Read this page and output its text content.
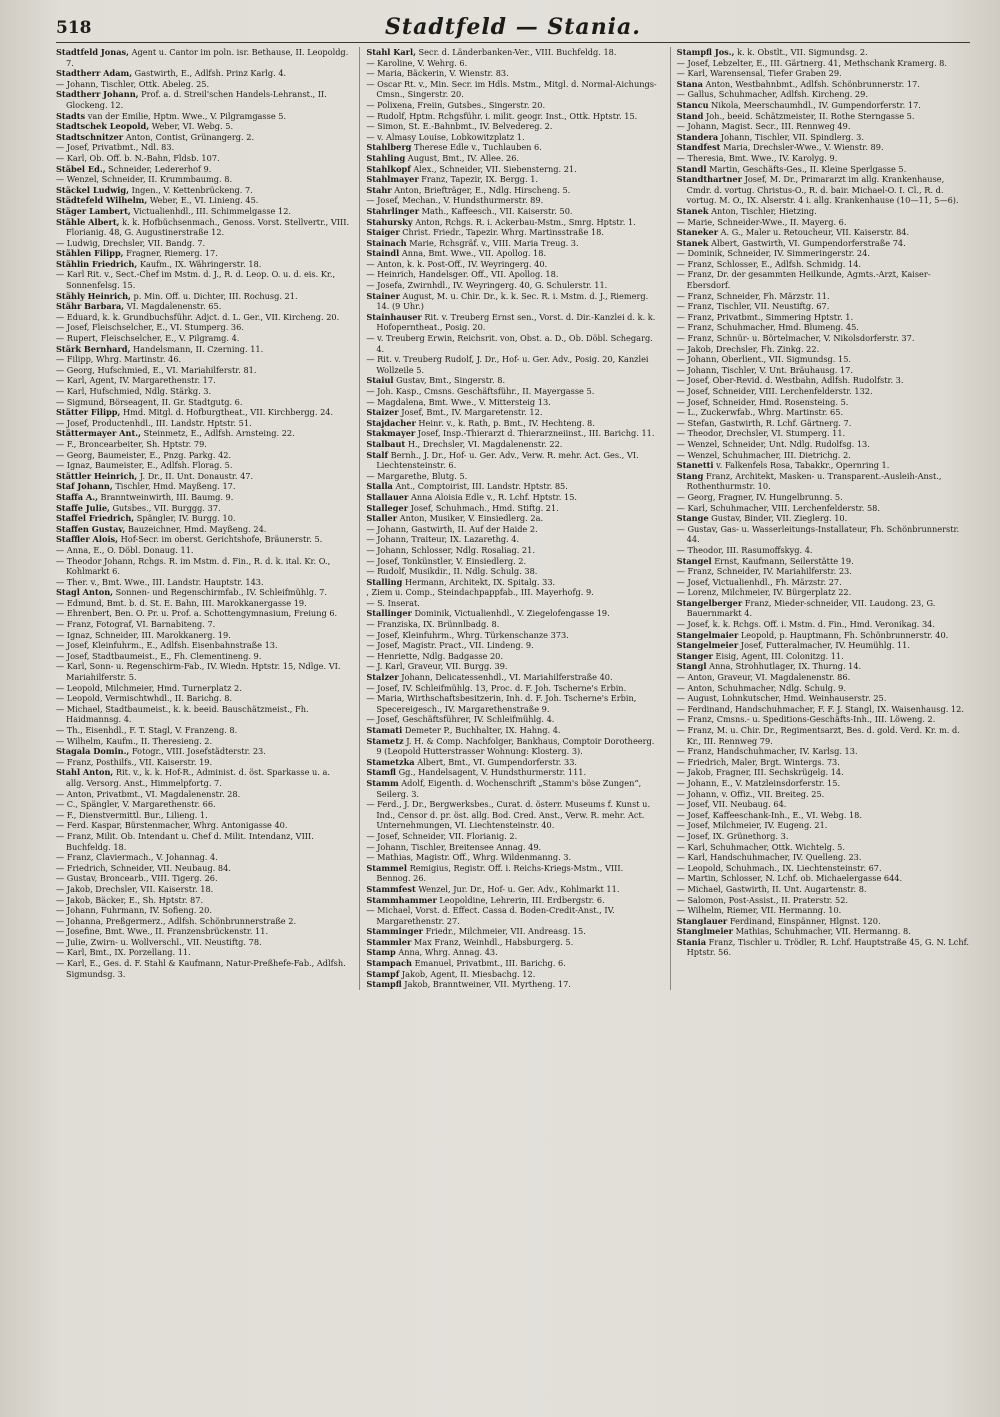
518	Stadtfeld — Stania.

Stadtfeld Jonas, Agent u. Cantor im poln. isr. Bethause, II. Leopoldg. 7.

Stadtherr Adam, Gastwirth, E., Adlfsh. Prinz Karlg. 4.

— Johann, Tischler, Ottk. Abeleg. 25.

Stadtherr Johann, Prof. a. d. Streil'schen Handels-Lehranst., II. Glockeng. 12.

Stadts van der Emilie, Hptm. Wwe., V. Pilgramgasse 5.

Stadtschek Leopold, Weber, VI. Webg. 5.

Stadtschnitzer Anton, Contist, Grünangerg. 2.

— Josef, Privatbmt., Ndl. 83.

— Karl, Ob. Off. b. N.-Bahn, Fldsb. 107.

Stäbel Ed., Schneider, Ledererhof 9.

— Wenzel, Schneider, II. Krummbaumg. 8.

Stäckel Ludwig, Ingen., V. Kettenbrückeng. 7.

Städtefeld Wilhelm, Weber, E., VI. Linieng. 45.

Stäger Lambert, Victualienhdl., III. Schimmelgasse 12.

Stähle Albert, k. k. Hofbüchsenmach., Genoss. Vorst. Stellvertr., VIII. Florianig. 48, G. Augustinerstraße 12.

— Ludwig, Drechsler, VII. Bandg. 7.

Stählen Filipp, Fragner, Riemerg. 17.

Stählin Friedrich, Kaufm., IX. Währingerstr. 18.

— Karl Rit. v., Sect.-Chef im Mstm. d. J., R. d. Leop. O. u. d. eis. Kr., Sonnenfelsg. 15.

Stähly Heinrich, p. Min. Off. u. Dichter, III. Rochusg. 21.

Stähr Barbara, VI. Magdalenenstr. 65.

— Eduard, k. k. Grundbuchsführ. Adjct. d. L. Ger., VII. Kircheng. 20.

— Josef, Fleischselcher, E., VI. Stumperg. 36.

— Rupert, Fleischselcher, E., V. Pilgramg. 4.

Stärk Bernhard, Handelsmann, II. Czerning. 11.

— Filipp, Whrg. Martinstr. 46.

— Georg, Hufschmied, E., VI. Mariahilferstr. 81.

— Karl, Agent, IV. Margarethenstr. 17.

— Karl, Hufschmied, Ndlg. Stärkg. 3.

— Sigmund, Börseagent, II. Gr. Stadtgutg. 6.

Stätter Filipp, Hmd. Mitgl. d. Hofburgtheat., VII. Kirchbergg. 24.

— Josef, Productenhdl., III. Landstr. Hptstr. 51.

Stättermayer Ant., Steinmetz, E., Adlfsh. Arnsteing. 22.

— F., Broncearbeiter, Sh. Hptstr. 79.

— Georg, Baumeister, E., Pnzg. Parkg. 42.

— Ignaz, Baumeister, E., Adlfsh. Florag. 5.

Stättler Heinrich, J. Dr., II. Unt. Donaustr. 47.

Staf Johann, Tischler, Hmd. Mayßeng. 17.

Staffa A., Branntweinwirth, III. Baumg. 9.

Staffe Julie, Gutsbes., VII. Burggg. 37.

Staffel Friedrich, Spängler, IV. Burgg. 10.

Staffen Gustav, Bauzeichner, Hmd. Mayßeng. 24.

Staffler Alois, Hof-Secr. im oberst. Gerichtshofe, Bräunerstr. 5.

— Anna, E., O. Döbl. Donaug. 11.

— Theodor Johann, Rchgs. R. im Mstm. d. Fin., R. d. k. ital. Kr. O., Kohlmarkt 6.

— Ther. v., Bmt. Wwe., III. Landstr. Hauptstr. 143.

Stagl Anton, Sonnen- und Regenschirmfab., IV. Schleifmühlg. 7.

— Edmund, Bmt. b. d. St. E. Bahn, III. Marokkanergasse 19.

— Ehrenbert, Ben. O. Pr. u. Prof. a. Schottengymnasium, Freiung 6.

— Franz, Fotograf, VI. Barnabiteng. 7.

— Ignaz, Schneider, III. Marokkanerg. 19.

— Josef, Kleinfuhrm., E., Adlfsh. Eisenbahnstraße 13.

— Josef, Stadtbaumeist., E., Fh. Clementineng. 9.

— Karl, Sonn- u. Regenschirm-Fab., IV. Wiedn. Hptstr. 15, Ndlge. VI. Mariahilferstr. 5.

— Leopold, Milchmeier, Hmd. Turnerplatz 2.

— Leopold, Vermischtwhdl., II. Barichg. 8.

— Michael, Stadtbaumeist., k. k. beeid. Bauschätzmeist., Fh. Haidmannsg. 4.

— Th., Eisenhdl., F. T. Stagl, V. Franzeng. 8.

— Wilhelm, Kaufm., II. Theresieng. 2.

Stagala Domin., Fotogr., VIII. Josefstädterstr. 23.

— Franz, Posthilfs., VII. Kaiserstr. 19.

Stahl Anton, Rit. v., k. k. Hof-R., Administ. d. öst. Sparkasse u. a. allg. Versorg. Anst., Himmelpfortg. 7.

— Anton, Privatbmt., VI. Magdalenenstr. 28.

— C., Spängler, V. Margarethenstr. 66.

— F., Dienstvermittl. Bur., Lilieng. 1.

— Ferd. Kaspar, Bürstenmacher, Whrg. Antonigasse 40.

— Franz, Milit. Ob. Intendant u. Chef d. Milit. Intendanz, VIII. Buchfeldg. 18.

— Franz, Claviermach., V. Johannag. 4.

— Friedrich, Schneider, VII. Neubaug. 84.

— Gustav, Broncearb., VIII. Tigerg. 26.

— Jakob, Drechsler, VII. Kaiserstr. 18.

— Jakob, Bäcker, E., Sh. Hptstr. 87.

— Johann, Fuhrmann, IV. Sofieng. 20.

— Johanna, Preßgermerz., Adlfsh. Schönbrunnerstraße 2.

— Josefine, Bmt. Wwe., II. Franzensbrückenstr. 11.

— Julie, Zwirn- u. Wollverschl., VII. Neustiftg. 78.

— Karl, Bmt., IX. Porzellang. 11.

— Karl, E., Ges. d. F. Stahl & Kaufmann, Natur-Preßhefe-Fab., Adlfsh. Sigmundsg. 3.

Stahl Karl, Secr. d. Länderbanken-Ver., VIII. Buchfeldg. 18.

— Karoline, V. Wehrg. 6.

— Maria, Bäckerin, V. Wienstr. 83.

— Oscar Rt. v., Min. Secr. im Hdls. Mstm., Mitgl. d. Normal-Aichungs-Cmsn., Singerstr. 20.

— Polixena, Freiin, Gutsbes., Singerstr. 20.

— Rudolf, Hptm. Rchgsführ. i. milit. geogr. Inst., Ottk. Hptstr. 15.

— Simon, St. E.-Bahnbmt., IV. Belvedereg. 2.

— v. Almasy Louise, Lobkowitzplatz 1.

Stahlberg Therese Edle v., Tuchlauben 6.

Stahling August, Bmt., IV. Allee. 26.

Stahlkopf Alex., Schneider, VII. Siebensterng. 21.

Stahlmayer Franz, Tapezir, IX. Bergg. 1.

Stahr Anton, Briefträger, E., Ndlg. Hirscheng. 5.

— Josef, Mechan., V. Hundsthurmerstr. 89.

Stahrlinger Math., Kaffeesch., VII. Kaiserstr. 50.

Stahursky Anton, Rchgs. R. i. Ackerbau-Mstm., Smrg. Hptstr. 1.

Staiger Christ. Friedr., Tapezir. Whrg. Martinsstraße 18.

Stainach Marie, Rchsgräf. v., VIII. Maria Treug. 3.

Staindl Anna, Bmt. Wwe., VII. Apollog. 18.

— Anton, k. k. Post-Off., IV. Weyringerg. 40.

— Heinrich, Handelsger. Off., VII. Apollog. 18.

— Josefa, Zwirnhdl., IV. Weyringerg. 40, G. Schulerstr. 11.

Stainer August, M. u. Chir. Dr., k. k. Sec. R. i. Mstm. d. J., Riemerg. 14. (9 Uhr.)

Stainhauser Rit. v. Treuberg Ernst sen., Vorst. d. Dir.-Kanzlei d. k. k. Hofoperntheat., Posig. 20.

— v. Treuberg Erwin, Reichsrit. von, Obst. a. D., Ob. Döbl. Schegarg. 4.

— Rit. v. Treuberg Rudolf, J. Dr., Hof- u. Ger. Adv., Posig. 20, Kanzlei Wollzeile 5.

Staiul Gustav, Bmt., Singerstr. 8.

— Joh. Kasp., Cmsns. Geschäftsführ., II. Mayergasse 5.

— Magdalena, Bmt. Wwe., V. Mittersteig 13.

Staizer Josef, Bmt., IV. Margaretenstr. 12.

Stajdacher Heinr. v., k. Rath, p. Bmt., IV. Hechteng. 8.

Stakmayer Josef, Insp.-Thierarzt d. Thierarzneiinst., III. Barichg. 11.

Stalbaut H., Drechsler, VI. Magdalenenstr. 22.

Stalf Bernh., J. Dr., Hof- u. Ger. Adv., Verw. R. mehr. Act. Ges., VI. Liechtensteinstr. 6.

— Margarethe, Blutg. 5.

Stalla Ant., Comptoirist, III. Landstr. Hptstr. 85.

Stallauer Anna Aloisia Edle v., R. Lchf. Hptstr. 15.

Stalleger Josef, Schuhmach., Hmd. Stiftg. 21.

Staller Anton, Musiker, V. Einsiedlerg. 2a.

— Johann, Gastwirth, II. Auf der Haide 2.

— Johann, Traiteur, IX. Lazarethg. 4.

— Johann, Schlosser, Ndlg. Rosaliag. 21.

— Josef, Tonkünstler, V. Einsiedlerg. 2.

— Rudolf, Musikdir., II. Ndlg. Schulg. 38.

Stalling Hermann, Architekt, IX. Spitalg. 33.

, Ziem u. Comp., Steindachpappfab., III. Mayerhofg. 9.

— S. Inserat.

Stallinger Dominik, Victualienhdl., V. Ziegelofengasse 19.

— Franziska, IX. Brünnlbadg. 8.

— Josef, Kleinfuhrm., Whrg. Türkenschanze 373.

— Josef, Magistr. Pract., VII. Lindeng. 9.

— Henriette, Ndlg. Badgasse 20.

— J. Karl, Graveur, VII. Burgg. 39.

Stalzer Johann, Delicatessenhdl., VI. Mariahilferstraße 40.

— Josef, IV. Schleifmühlg. 13, Proc. d. F. Joh. Tscherne's Erbin.

— Maria, Wirthschaftsbesitzerin, Inh. d. F. Joh. Tscherne's Erbin, Specereigesch., IV. Margarethenstraße 9.

— Josef, Geschäftsführer, IV. Schleifmühlg. 4.

Stamati Demeter P., Buchhalter, IX. Hahng. 4.

Stametz J. H. & Comp. Nachfolger, Bankhaus, Comptoir Dorotheerg. 9 (Leopold Hutterstrasser Wohnung: Klosterg. 3).

Stametzka Albert, Bmt., VI. Gumpendorferstr. 33.

Stamfl Gg., Handelsagent, V. Hundsthurmerstr. 111.

Stamm Adolf, Eigenth. d. Wochenschrift „Stamm's böse Zungen“, Seilerg. 3.

— Ferd., J. Dr., Bergwerksbes., Curat. d. österr. Museums f. Kunst u. Ind., Censor d. pr. öst. allg. Bod. Cred. Anst., Verw. R. mehr. Act. Unternehmungen, VI. Liechtensteinstr. 40.

— Josef, Schneider, VII. Florianig. 2.

— Johann, Tischler, Breitensee Annag. 49.

— Mathias, Magistr. Off., Whrg. Wildenmanng. 3.

Stammel Remigius, Registr. Off. i. Reichs-Kriegs-Mstm., VIII. Bennog. 26.

Stammfest Wenzel, Jur. Dr., Hof- u. Ger. Adv., Kohlmarkt 11.

Stammhammer Leopoldine, Lehrerin, III. Erdbergstr. 6.

— Michael, Vorst. d. Effect. Cassa d. Boden-Credit-Anst., IV. Margarethenstr. 27.

Stamminger Friedr., Milchmeier, VII. Andreasg. 15.

Stammler Max Franz, Weinhdl., Habsburgerg. 5.

Stamp Anna, Whrg. Annag. 43.

Stampach Emanuel, Privatbmt., III. Barichg. 6.

Stampf Jakob, Agent, II. Miesbachg. 12.

Stampfl Jakob, Branntweiner, VII. Myrtheng. 17.

Stampfl Jos., k. k. Obstlt., VII. Sigmundsg. 2.

— Josef, Lebzelter, E., III. Gärtnerg. 41, Methschank Kramerg. 8.

— Karl, Warensensal, Tiefer Graben 29.

Stana Anton, Westbahnbmt., Adlfsh. Schönbrunnerstr. 17.

— Gallus, Schuhmacher, Adlfsh. Kircheng. 29.

Stancu Nikola, Meerschaumhdl., IV. Gumpendorferstr. 17.

Stand Joh., beeid. Schätzmeister, II. Rothe Sterngasse 5.

— Johann, Magist. Secr., III. Rennweg 49.

Standera Johann, Tischler, VII. Spindlerg. 3.

Standfest Maria, Drechsler-Wwe., V. Wienstr. 89.

— Theresia, Bmt. Wwe., IV. Karolyg. 9.

Standl Martin, Geschäfts-Ges., II. Kleine Sperlgasse 5.

Standthartner Josef, M. Dr., Primararzt im allg. Krankenhause, Cmdr. d. vortug. Christus-O., R. d. bair. Michael-O. I. Cl., R. d. vortug. M. O., IX. Alserstr. 4 i. allg. Krankenhause (10—11, 5—6).

Stanek Anton, Tischler, Hietzing.

— Marie, Schneider-Wwe., II. Mayerg. 6.

Staneker A. G., Maler u. Retoucheur, VII. Kaiserstr. 84.

Stanek Albert, Gastwirth, VI. Gumpendorferstraße 74.

— Dominik, Schneider, IV. Simmeringerstr. 24.

— Franz, Schlosser, E., Adlfsh. Schmidg. 14.

— Franz, Dr. der gesammten Heilkunde, Agmts.-Arzt, Kaiser-Ebersdorf.

— Franz, Schneider, Fh. Märzstr. 11.

— Franz, Tischler, VII. Neustiftg. 67.

— Franz, Privatbmt., Simmering Hptstr. 1.

— Franz, Schuhmacher, Hmd. Blumeng. 45.

— Franz, Schnür- u. Börtelmacher, V. Nikolsdorferstr. 37.

— Jakob, Drechsler, Fh. Zinkg. 22.

— Johann, Oberlient., VII. Sigmundsg. 15.

— Johann, Tischler, V. Unt. Bräuhausg. 17.

— Josef, Ober-Revid. d. Westbahn, Adlfsh. Rudolfstr. 3.

— Josef, Schneider, VIII. Lerchenfelderstr. 132.

— Josef, Schneider, Hmd. Rosensteing. 5.

— L., Zuckerwfab., Whrg. Martinstr. 65.

— Stefan, Gastwirth, R. Lchf. Gärtnerg. 7.

— Theodor, Drechsler, VI. Stumperg. 11.

— Wenzel, Schneider, Unt. Ndlg. Rudolfsg. 13.

— Wenzel, Schuhmacher, III. Dietrichg. 2.

Stanetti v. Falkenfels Rosa, Tabakkr., Opernring 1.

Stang Franz, Architekt, Masken- u. Transparent.-Ausleih-Anst., Rothenthurmstr. 10.

— Georg, Fragner, IV. Hungelbrunng. 5.

— Karl, Schuhmacher, VIII. Lerchenfelderstr. 58.

Stange Gustav, Binder, VII. Zieglerg. 10.

— Gustav, Gas- u. Wasserleitungs-Installateur, Fh. Schönbrunnerstr. 44.

— Theodor, III. Rasumoffskyg. 4.

Stangel Ernst, Kaufmann, Seilerstätte 19.

— Franz, Schneider, IV. Mariahilferstr. 23.

— Josef, Victualienhdl., Fh. Märzstr. 27.

— Lorenz, Milchmeier, IV. Bürgerplatz 22.

Stangelberger Franz, Mieder-schneider, VII. Laudong. 23, G. Bauernmarkt 4.

— Josef, k. k. Rchgs. Off. i. Mstm. d. Fin., Hmd. Veronikag. 34.

Stangelmaier Leopold, p. Hauptmann, Fh. Schönbrunnerstr. 40.

Stangelmeier Josef, Futteralmacher, IV. Heumühlg. 11.

Stanger Eisig, Agent, III. Colonitzg. 11.

Stangl Anna, Strohhutlager, IX. Thurng. 14.

— Anton, Graveur, VI. Magdalenenstr. 86.

— Anton, Schuhmacher, Ndlg. Schulg. 9.

— August, Lohnkutscher, Hmd. Weinhauserstr. 25.

— Ferdinand, Handschuhmacher, F. F. J. Stangl, IX. Waisenhausg. 12.

— Franz, Cmsns.- u. Speditions-Geschäfts-Inh., III. Löweng. 2.

— Franz, M. u. Chir. Dr., Regimentsarzt, Bes. d. gold. Verd. Kr. m. d. Kr., III. Rennweg 79.

— Franz, Handschuhmacher, IV. Karlsg. 13.

— Friedrich, Maler, Brgt. Wintergs. 73.

— Jakob, Fragner, III. Sechskrügelg. 14.

— Johann, E., V. Matzleinsdorferstr. 15.

— Johann, v. Offiz., VII. Breiteg. 25.

— Josef, VII. Neubaug. 64.

— Josef, Kaffeeschank-Inh., E., VI. Webg. 18.

— Josef, Milchmeier, IV. Eugeng. 21.

— Josef, IX. Grünethorg. 3.

— Karl, Schuhmacher, Ottk. Wichtelg. 5.

— Karl, Handschuhmacher, IV. Quelleng. 23.

— Leopold, Schuhmach., IX. Liechtensteinstr. 67.

— Martin, Schlosser, N. Lchf. ob. Michaelergasse 644.

— Michael, Gastwirth, II. Unt. Augartenstr. 8.

— Salomon, Post-Assist., II. Praterstr. 52.

— Wilhelm, Riemer, VII. Hermanng. 10.

Stanglauer Ferdinand, Einspänner, Hlgnst. 120.

Stanglmeier Mathias, Schuhmacher, VII. Hermanng. 8.

Stania Franz, Tischler u. Trödler, R. Lchf. Hauptstraße 45, G. N. Lchf. Hptstr. 56.
